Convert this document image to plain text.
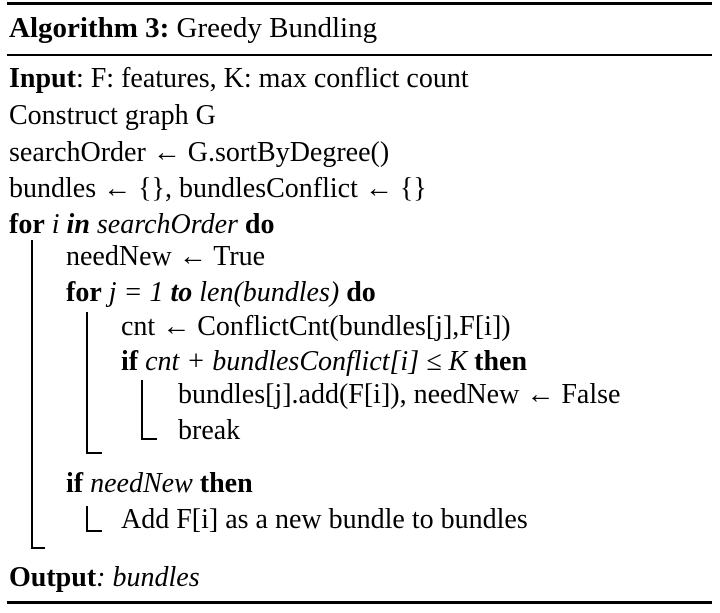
Algorithm 3: Greedy Bundling
Input: F: features, K: max conflict count
Construct graph G
searchOrder ← G.sortByDegree()
bundles ← {}, bundlesConflict ← {}
for i in searchOrder do
needNew ← True
for j = 1 to len(bundles) do
cnt ← ConflictCnt(bundles[j],F[i])
if cnt + bundlesConflict[i] ≤ K then
bundles[j].add(F[i]), needNew ← False
break
if needNew then
Add F[i] as a new bundle to bundles
Output: bundles
